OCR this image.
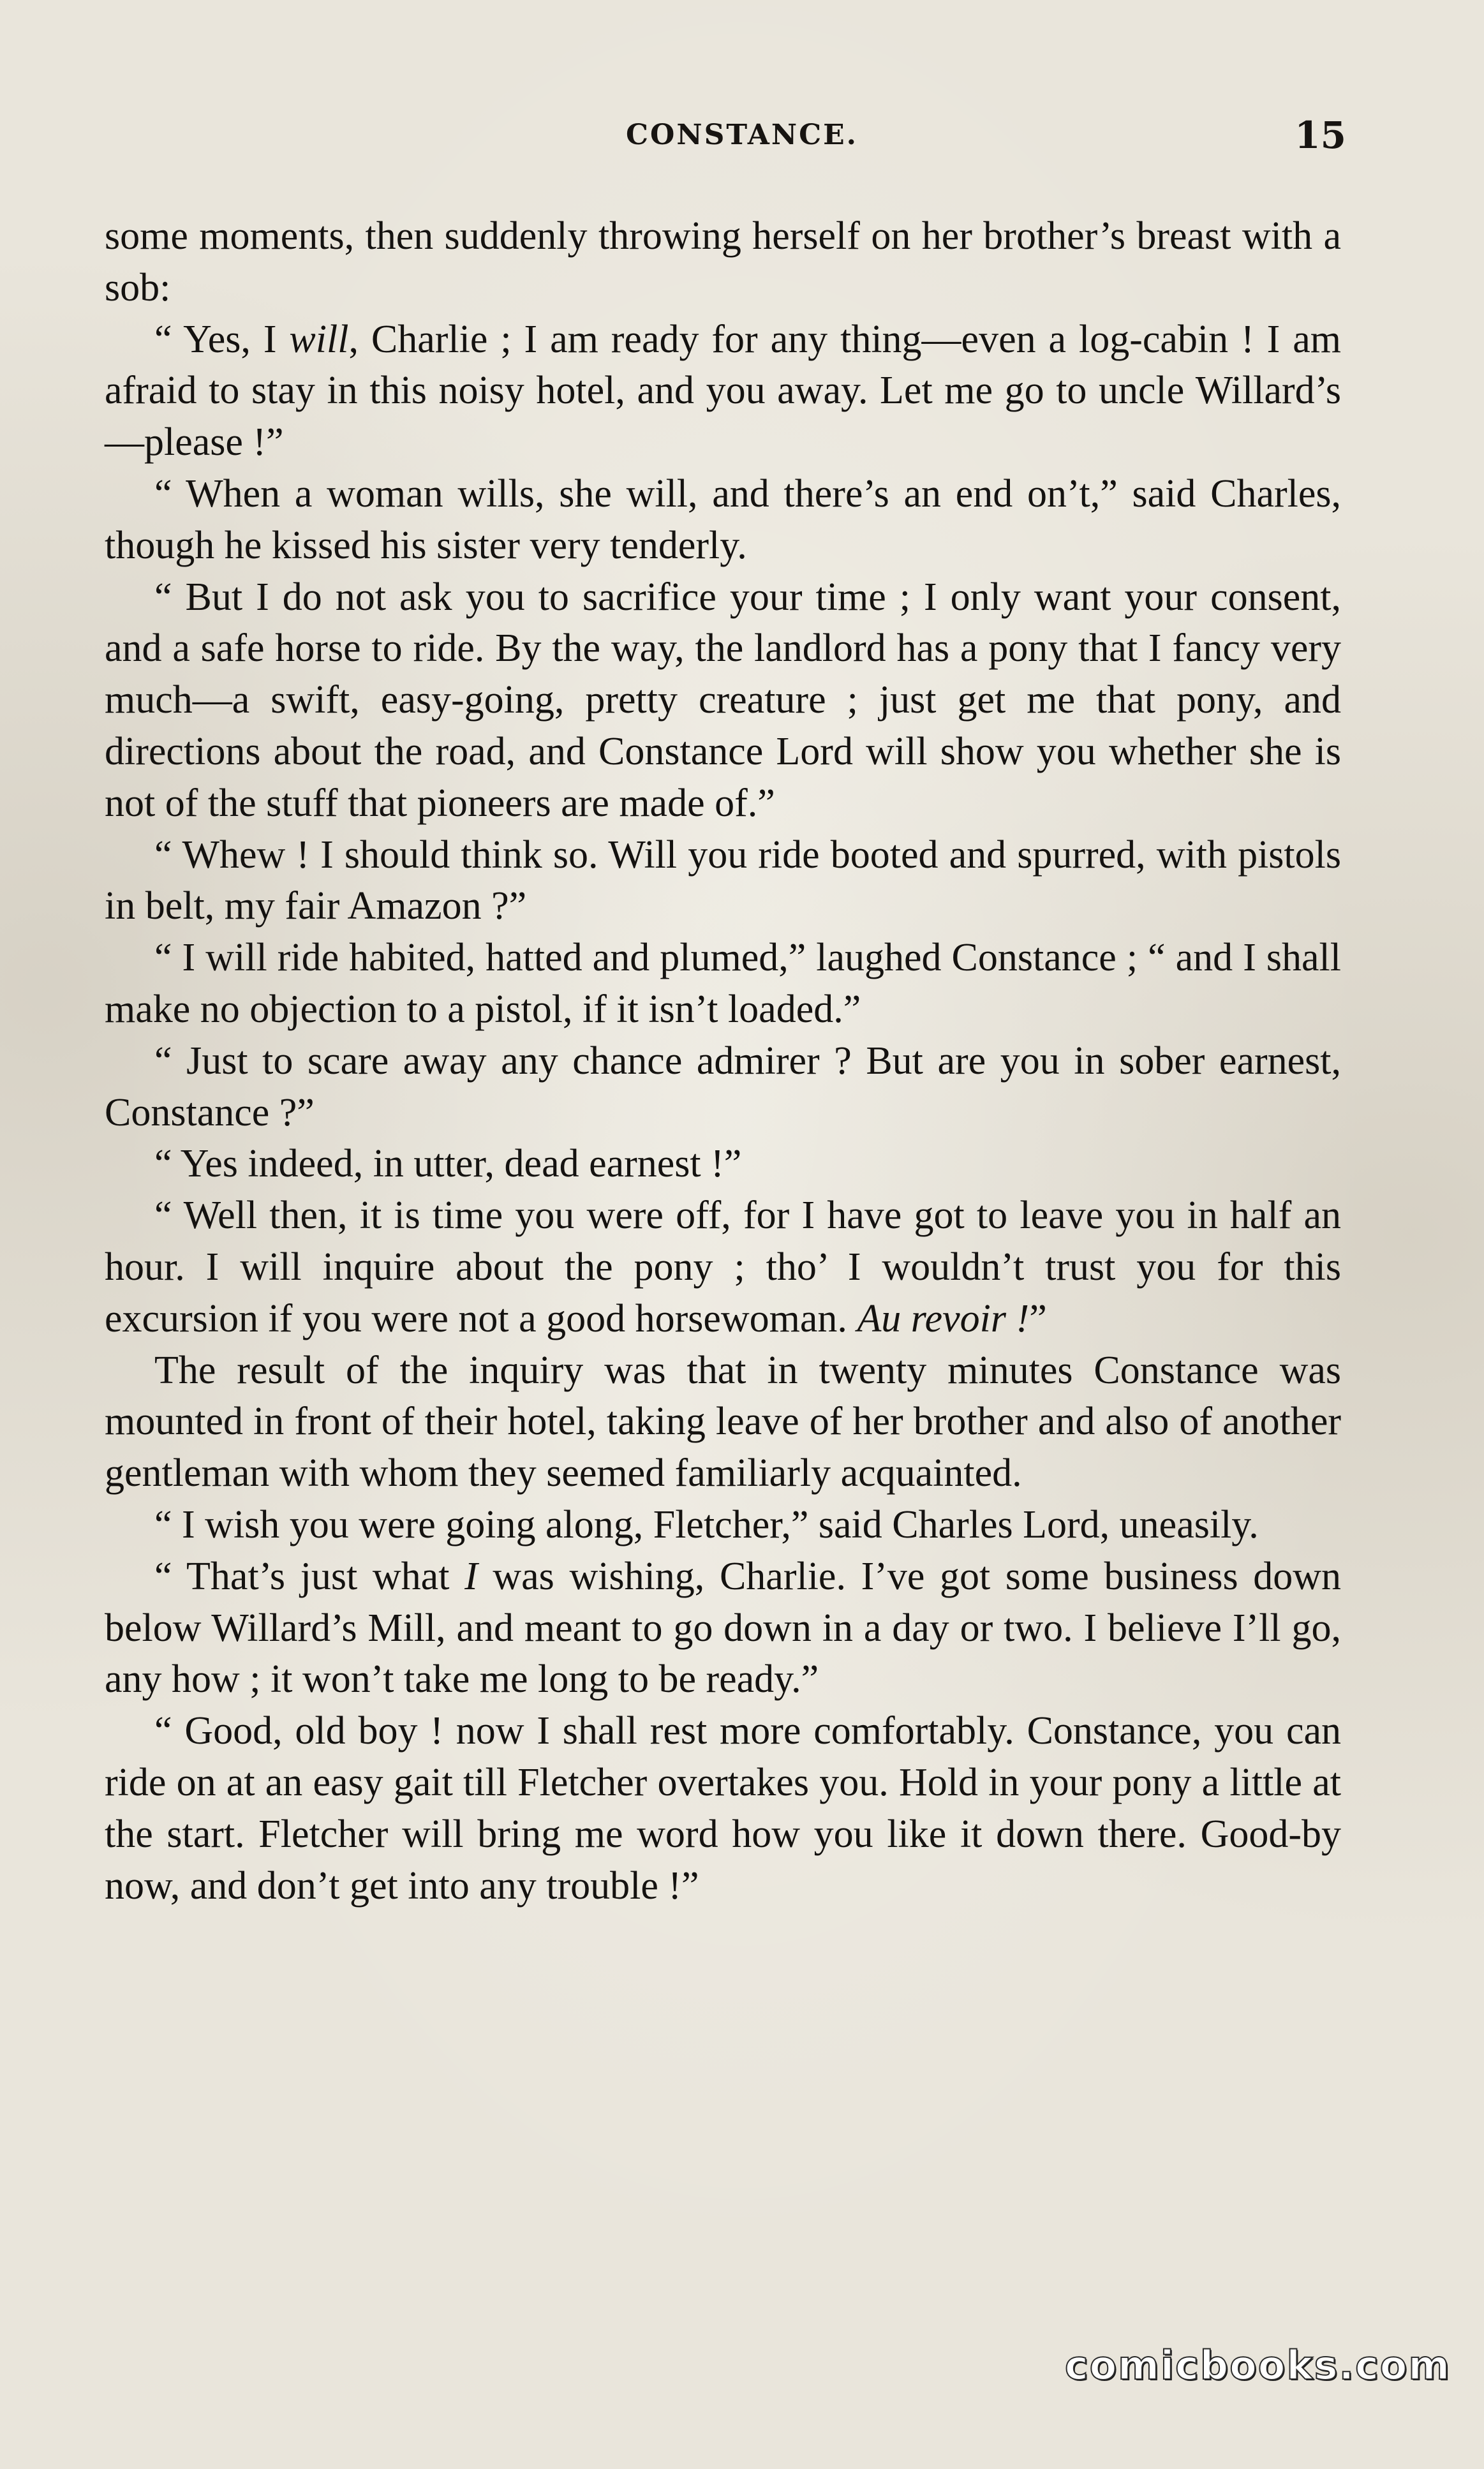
CONSTANCE.	15

some moments, then suddenly throwing herself on her brother’s breast with a sob:

“ Yes, I will, Charlie ; I am ready for any thing—even a log-cabin ! I am afraid to stay in this noisy hotel, and you away. Let me go to uncle Willard’s—please !”

“ When a woman wills, she will, and there’s an end on’t,” said Charles, though he kissed his sister very tenderly.

“ But I do not ask you to sacrifice your time ; I only want your consent, and a safe horse to ride. By the way, the landlord has a pony that I fancy very much—a swift, easy-going, pretty creature ; just get me that pony, and directions about the road, and Constance Lord will show you whether she is not of the stuff that pioneers are made of.”

“ Whew ! I should think so. Will you ride booted and spurred, with pistols in belt, my fair Amazon ?”

“ I will ride habited, hatted and plumed,” laughed Constance ; “ and I shall make no objection to a pistol, if it isn’t loaded.”

“ Just to scare away any chance admirer ? But are you in sober earnest, Constance ?”

“ Yes indeed, in utter, dead earnest !”

“ Well then, it is time you were off, for I have got to leave you in half an hour. I will inquire about the pony ; tho’ I wouldn’t trust you for this excursion if you were not a good horsewoman. Au revoir !”

The result of the inquiry was that in twenty minutes Constance was mounted in front of their hotel, taking leave of her brother and also of another gentleman with whom they seemed familiarly acquainted.

“ I wish you were going along, Fletcher,” said Charles Lord, uneasily.

“ That’s just what I was wishing, Charlie. I’ve got some business down below Willard’s Mill, and meant to go down in a day or two. I believe I’ll go, any how ; it won’t take me long to be ready.”

“ Good, old boy ! now I shall rest more comfortably. Constance, you can ride on at an easy gait till Fletcher overtakes you. Hold in your pony a little at the start. Fletcher will bring me word how you like it down there. Good-by now, and don’t get into any trouble !”

comicbooks.com
